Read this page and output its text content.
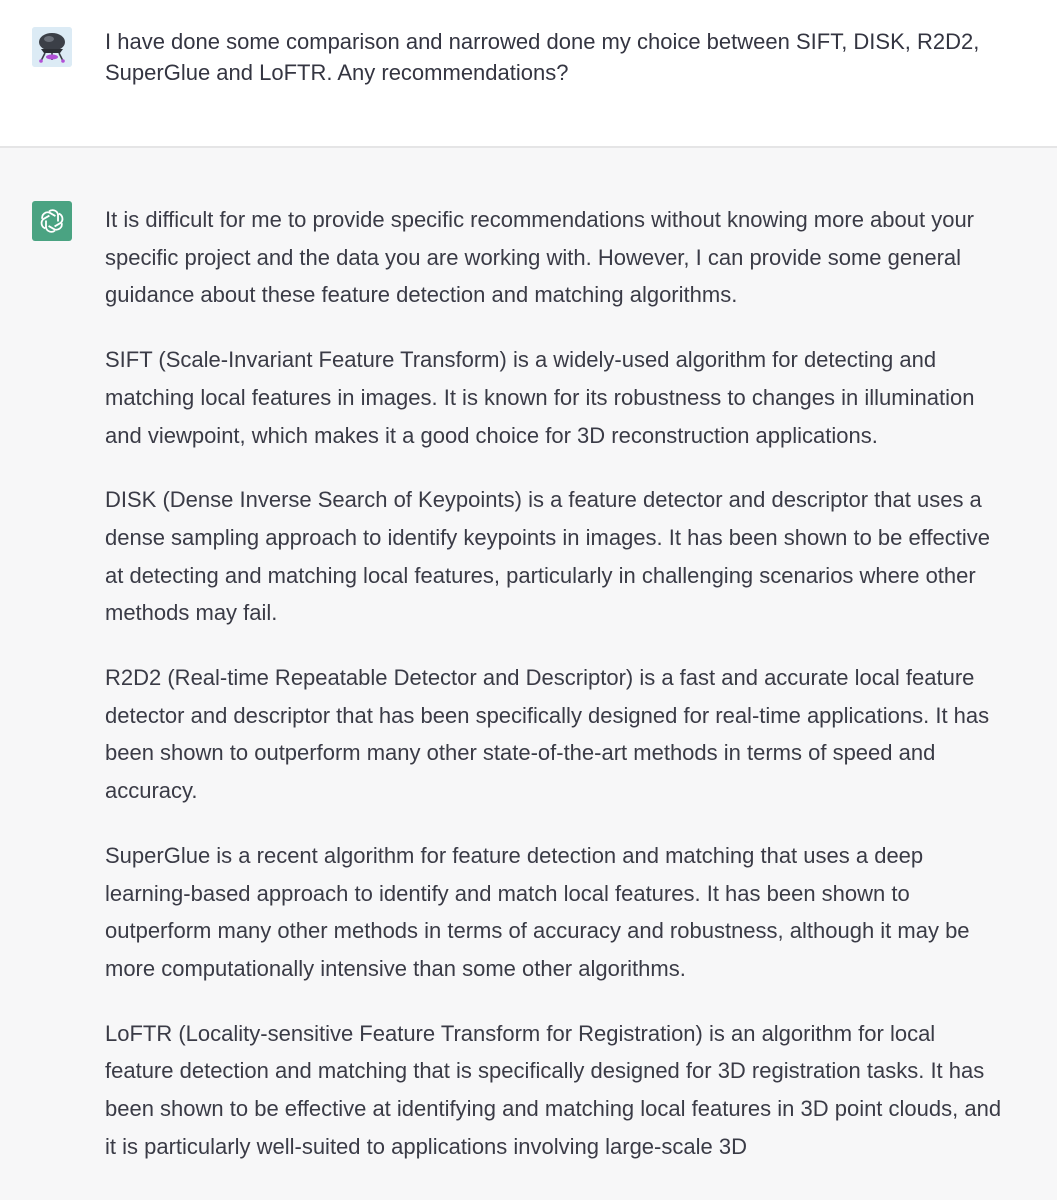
I have done some comparison and narrowed done my choice between SIFT, DISK, R2D2, SuperGlue and LoFTR. Any recommendations?

It is difficult for me to provide specific recommendations without knowing more about your specific project and the data you are working with. However, I can provide some general guidance about these feature detection and matching algorithms.

SIFT (Scale-Invariant Feature Transform) is a widely-used algorithm for detecting and matching local features in images. It is known for its robustness to changes in illumination and viewpoint, which makes it a good choice for 3D reconstruction applications.

DISK (Dense Inverse Search of Keypoints) is a feature detector and descriptor that uses a dense sampling approach to identify keypoints in images. It has been shown to be effective at detecting and matching local features, particularly in challenging scenarios where other methods may fail.

R2D2 (Real-time Repeatable Detector and Descriptor) is a fast and accurate local feature detector and descriptor that has been specifically designed for real-time applications. It has been shown to outperform many other state-of-the-art methods in terms of speed and accuracy.

SuperGlue is a recent algorithm for feature detection and matching that uses a deep learning-based approach to identify and match local features. It has been shown to outperform many other methods in terms of accuracy and robustness, although it may be more computationally intensive than some other algorithms.

LoFTR (Locality-sensitive Feature Transform for Registration) is an algorithm for local feature detection and matching that is specifically designed for 3D registration tasks. It has been shown to be effective at identifying and matching local features in 3D point clouds, and it is particularly well-suited to applications involving large-scale 3D
